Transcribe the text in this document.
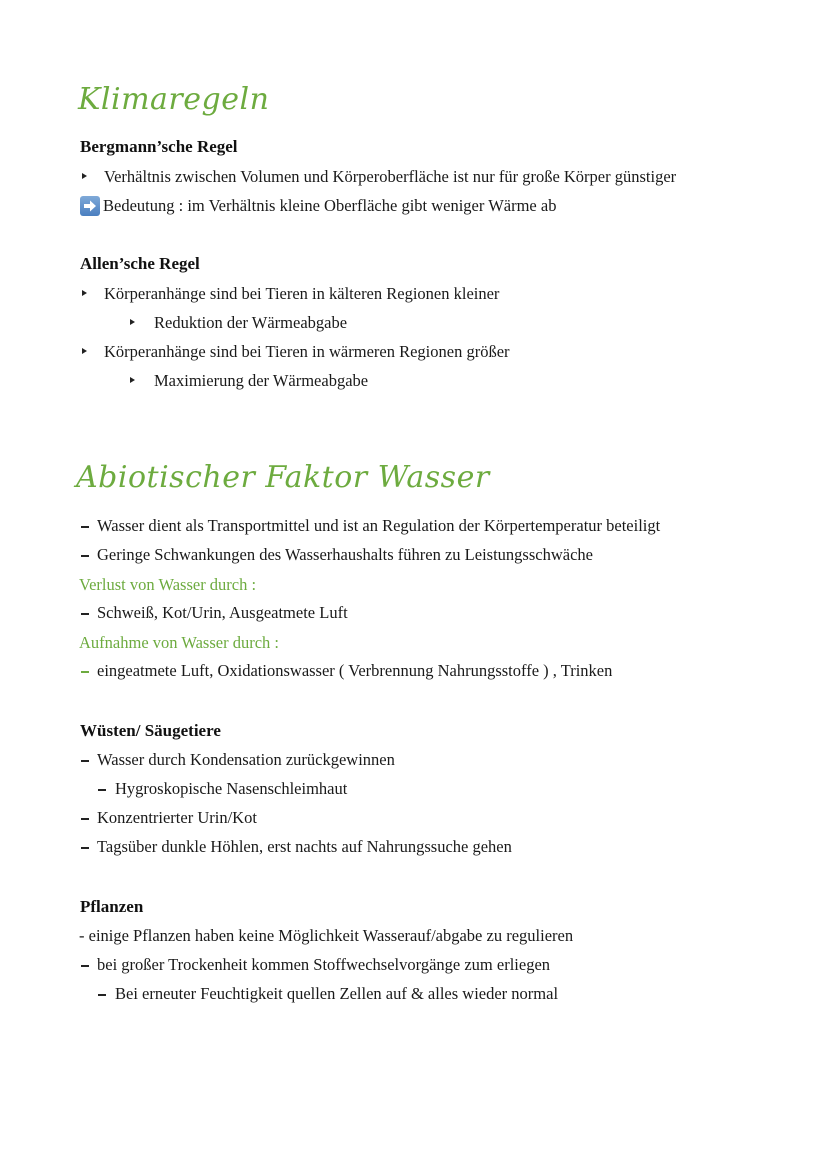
Klimaregeln
Bergmann’sche Regel
Verhältnis zwischen Volumen und Körperoberfläche ist nur für große Körper günstiger
Bedeutung : im Verhältnis kleine Oberfläche gibt weniger Wärme ab
Allen’sche Regel
Körperanhänge sind bei Tieren in kälteren Regionen kleiner
Reduktion der Wärmeabgabe
Körperanhänge sind bei Tieren in wärmeren Regionen größer
Maximierung der Wärmeabgabe
Abiotischer Faktor Wasser
Wasser dient als Transportmittel und ist an Regulation der Körpertemperatur beteiligt
Geringe Schwankungen des Wasserhaushalts führen zu Leistungsschwäche
Verlust von Wasser durch :
Schweiß, Kot/Urin, Ausgeatmete Luft
Aufnahme von Wasser durch :
eingeatmete Luft, Oxidationswasser ( Verbrennung Nahrungsstoffe ) , Trinken
Wüsten/ Säugetiere
Wasser durch Kondensation zurückgewinnen
Hygroskopische Nasenschleimhaut
Konzentrierter Urin/Kot
Tagsüber dunkle Höhlen, erst nachts auf Nahrungssuche gehen
Pflanzen
- einige Pflanzen haben keine Möglichkeit Wasserauf/abgabe zu regulieren
bei großer Trockenheit kommen Stoffwechselvorgänge zum erliegen
Bei erneuter Feuchtigkeit quellen Zellen auf & alles wieder normal
